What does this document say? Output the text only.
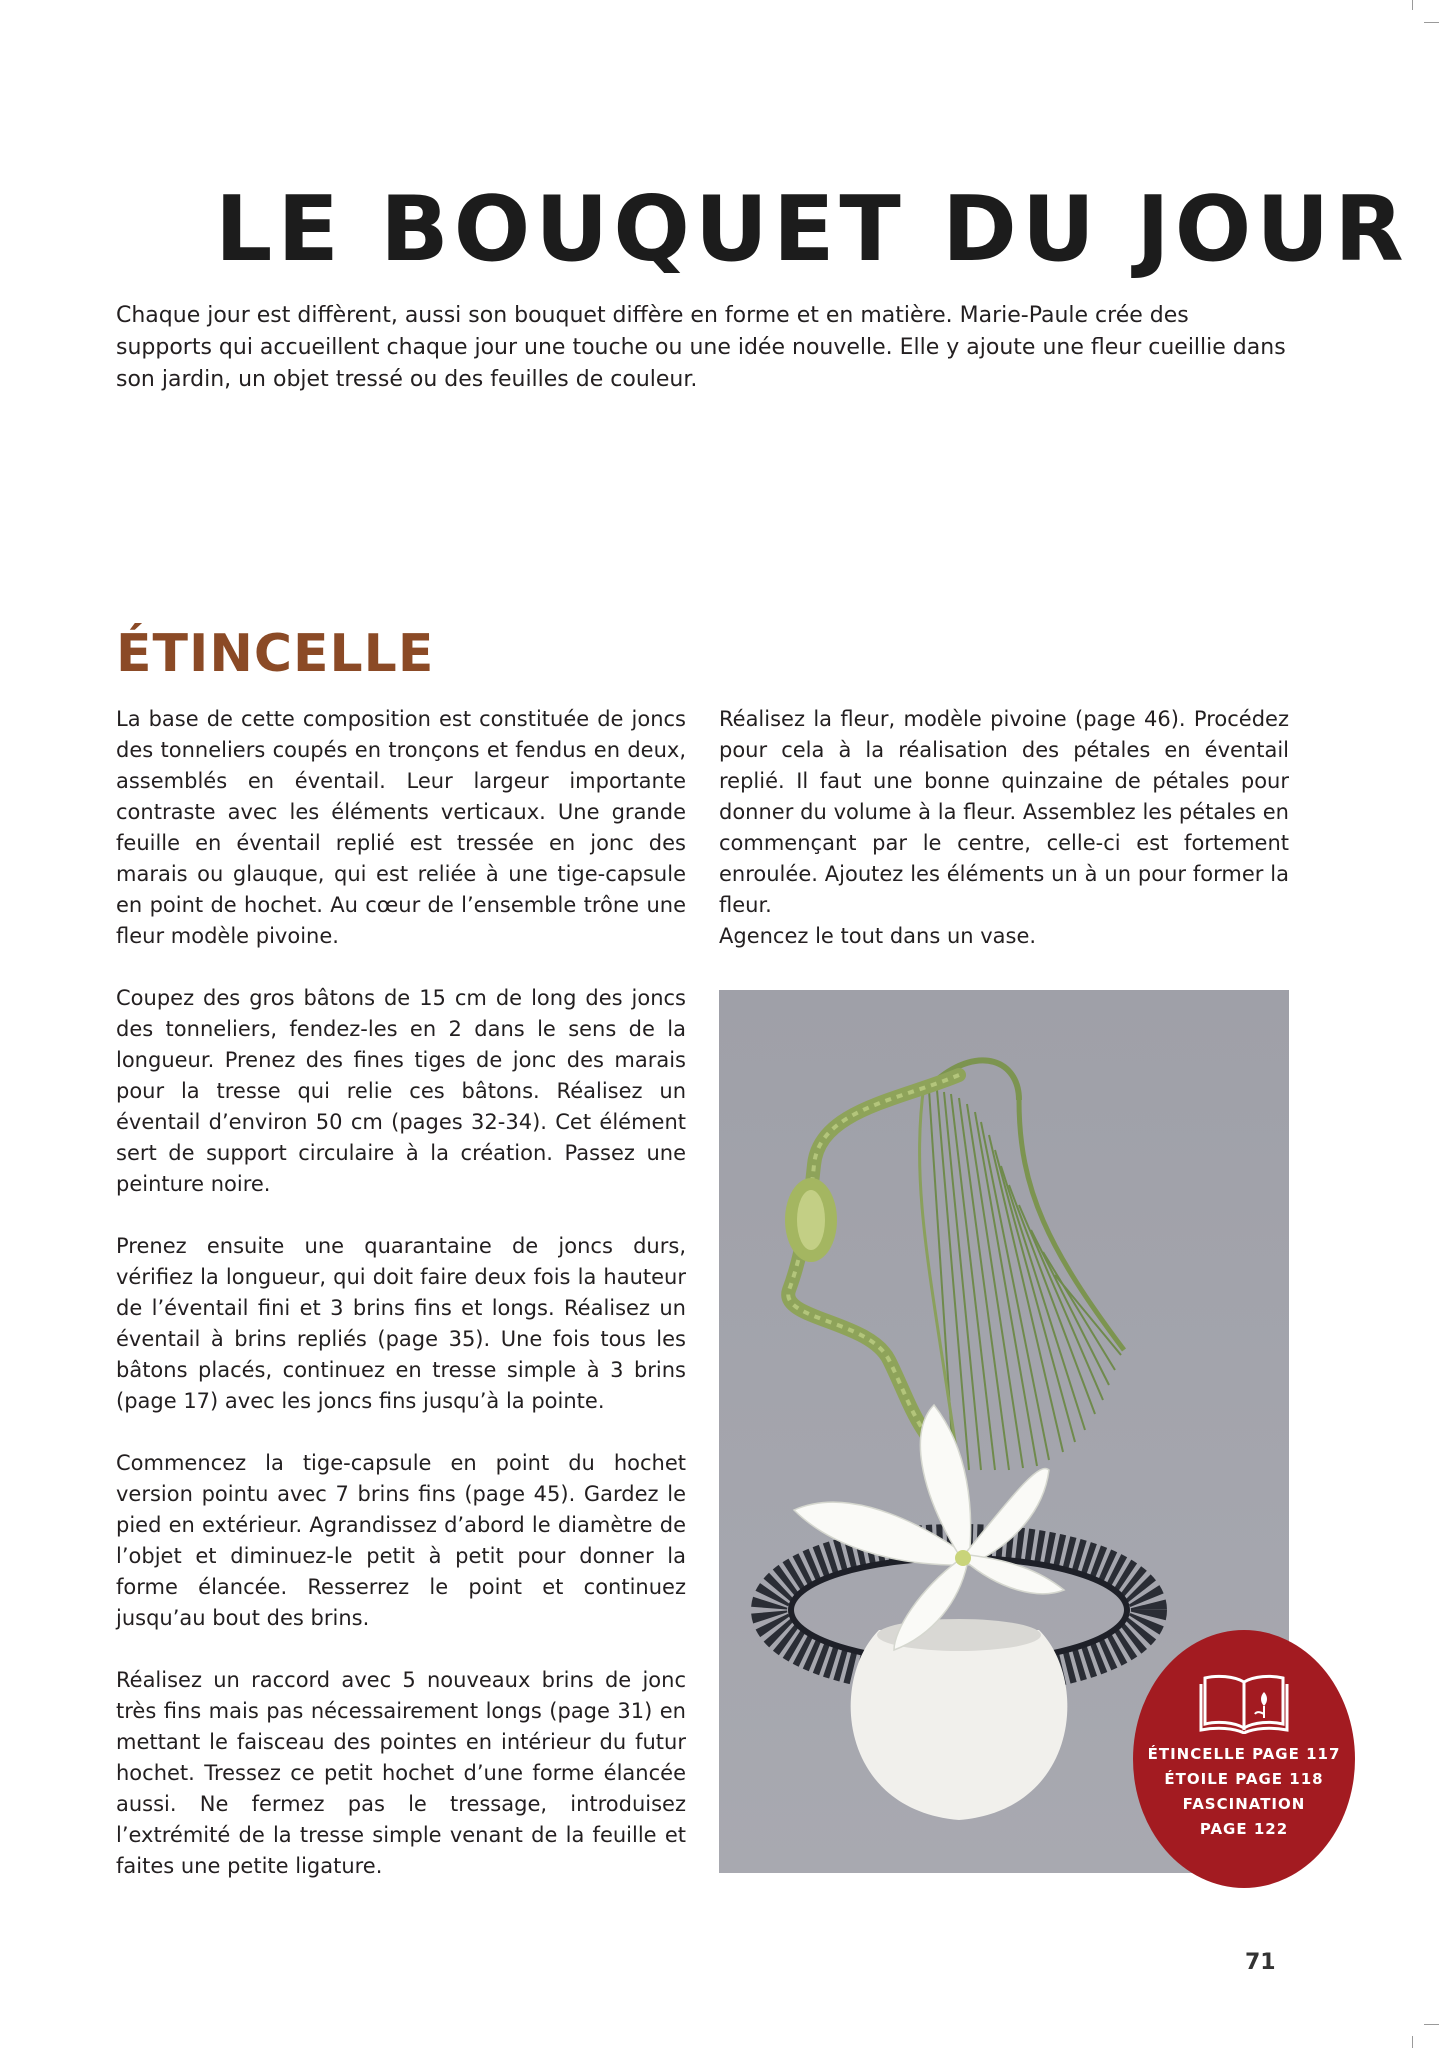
LE BOUQUET DU JOUR

Chaque jour est diffèrent, aussi son bouquet diffère en forme et en matière. Marie-Paule crée des supports qui accueillent chaque jour une touche ou une idée nouvelle. Elle y ajoute une fleur cueillie dans son jardin, un objet tressé ou des feuilles de couleur.

ÉTINCELLE

La base de cette composition est constituée de joncs des tonneliers coupés en tronçons et fendus en deux, assemblés en éventail. Leur largeur importante contraste avec les éléments verticaux. Une grande feuille en éventail replié est tressée en jonc des marais ou glauque, qui est reliée à une tige-capsule en point de hochet. Au cœur de l’ensemble trône une fleur modèle pivoine.

Coupez des gros bâtons de 15 cm de long des joncs des tonneliers, fendez-les en 2 dans le sens de la longueur. Prenez des fines tiges de jonc des marais pour la tresse qui relie ces bâtons. Réalisez un éventail d’environ 50 cm (pages 32-34). Cet élément sert de support circulaire à la création. Passez une peinture noire.

Prenez ensuite une quarantaine de joncs durs, vérifiez la longueur, qui doit faire deux fois la hauteur de l’éventail fini et 3 brins fins et longs. Réalisez un éventail à brins repliés (page 35). Une fois tous les bâtons placés, continuez en tresse simple à 3 brins (page 17) avec les joncs fins jusqu’à la pointe.

Commencez la tige-capsule en point du hochet version pointu avec 7 brins fins (page 45). Gardez le pied en extérieur. Agrandissez d’abord le diamètre de l’objet et diminuez-le petit à petit pour donner la forme élancée. Resserrez le point et continuez jusqu’au bout des brins.

Réalisez un raccord avec 5 nouveaux brins de jonc très fins mais pas nécessairement longs (page 31) en mettant le faisceau des pointes en intérieur du futur hochet. Tressez ce petit hochet d’une forme élancée aussi. Ne fermez pas le tressage, introduisez l’extrémité de la tresse simple venant de la feuille et faites une petite ligature.

Réalisez la fleur, modèle pivoine (page 46). Procédez pour cela à la réalisation des pétales en éventail replié. Il faut une bonne quinzaine de pétales pour donner du volume à la fleur. Assemblez les pétales en commençant par le centre, celle-ci est fortement enroulée. Ajoutez les éléments un à un pour former la fleur.

Agencez le tout dans un vase.

ÉTINCELLE PAGE 117
ÉTOILE PAGE 118
FASCINATION
PAGE 122

71
